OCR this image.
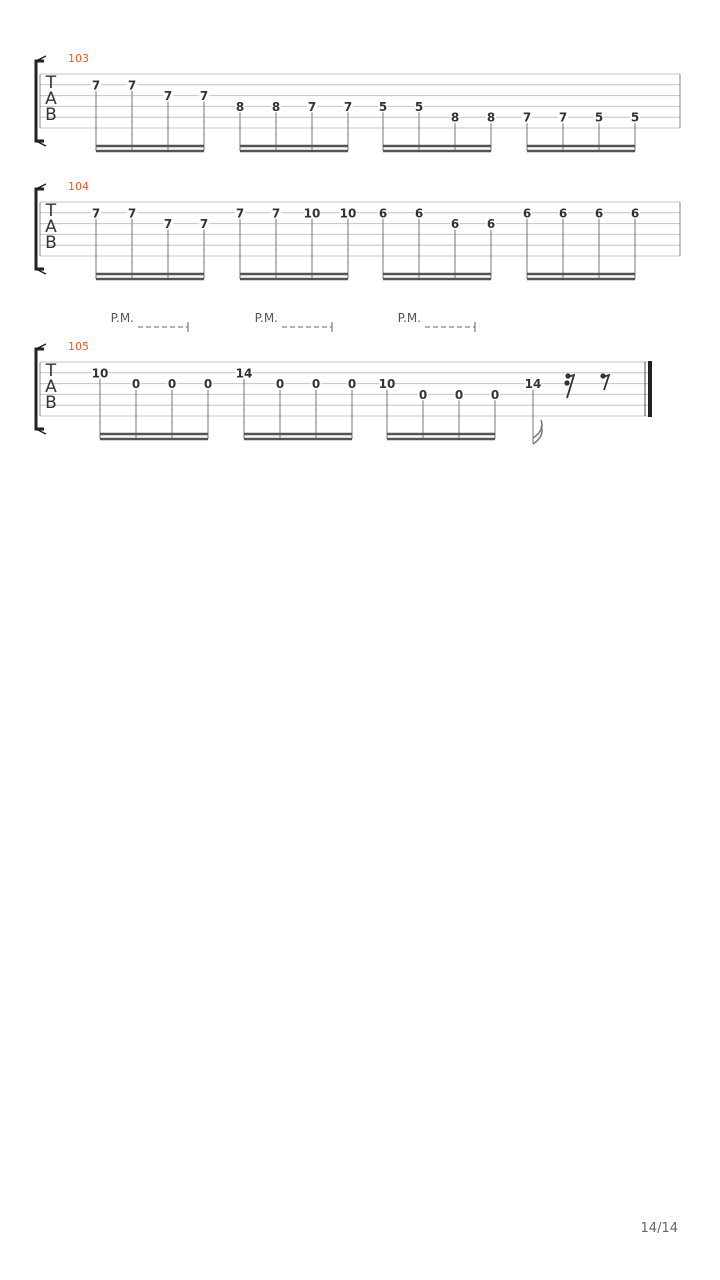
T
A
B
103
7 7
7 7
8 8 7 7 5 5
8 8 7 7 5 5
T
A
B
104
7 7
7 7
7 7 10 10 6 6
6 6
6 6 6 6
T
A
B
105
10
0 0 0
P.M.
14
0 0 0
P.M.
10
0 0 0
P.M.
14
14/14
